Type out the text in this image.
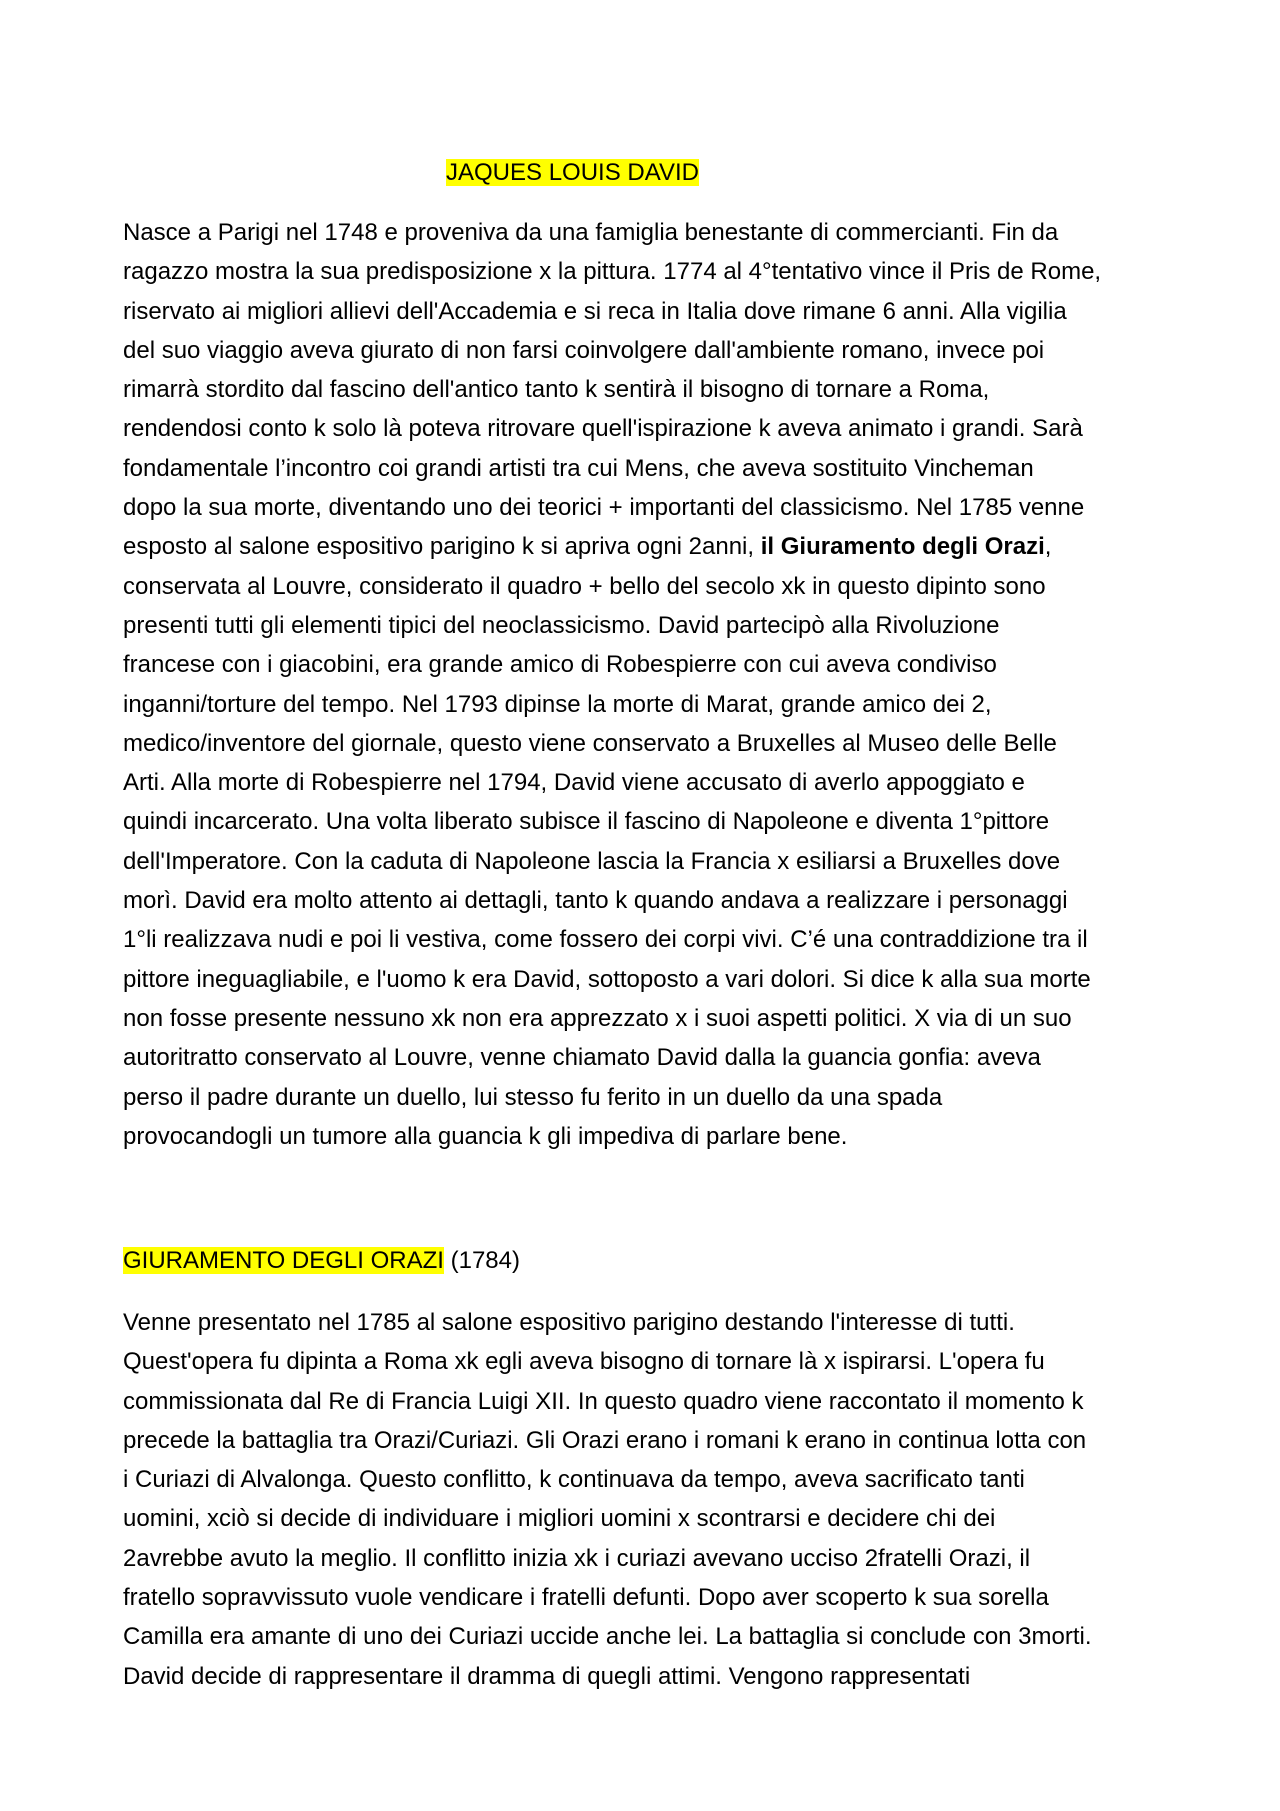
JAQUES LOUIS DAVID
Nasce a Parigi nel 1748 e proveniva da una famiglia benestante di commercianti. Fin da
ragazzo mostra la sua predisposizione x la pittura. 1774 al 4°tentativo vince il Pris de Rome,
riservato ai migliori allievi dell'Accademia e si reca in Italia dove rimane 6 anni. Alla vigilia
del suo viaggio aveva giurato di non farsi coinvolgere dall'ambiente romano, invece poi
rimarrà stordito dal fascino dell'antico tanto k sentirà il bisogno di tornare a Roma,
rendendosi conto k solo là poteva ritrovare quell'ispirazione k aveva animato i grandi. Sarà
fondamentale l’incontro coi grandi artisti tra cui Mens, che aveva sostituito Vincheman
dopo la sua morte, diventando uno dei teorici + importanti del classicismo. Nel 1785 venne
esposto al salone espositivo parigino k si apriva ogni 2anni, il Giuramento degli Orazi,
conservata al Louvre, considerato il quadro + bello del secolo xk in questo dipinto sono
presenti tutti gli elementi tipici del neoclassicismo. David partecipò alla Rivoluzione
francese con i giacobini, era grande amico di Robespierre con cui aveva condiviso
inganni/torture del tempo. Nel 1793 dipinse la morte di Marat, grande amico dei 2,
medico/inventore del giornale, questo viene conservato a Bruxelles al Museo delle Belle
Arti. Alla morte di Robespierre nel 1794, David viene accusato di averlo appoggiato e
quindi incarcerato. Una volta liberato subisce il fascino di Napoleone e diventa 1°pittore
dell'Imperatore. Con la caduta di Napoleone lascia la Francia x esiliarsi a Bruxelles dove
morì. David era molto attento ai dettagli, tanto k quando andava a realizzare i personaggi
1°li realizzava nudi e poi li vestiva, come fossero dei corpi vivi. C’é una contraddizione tra il
pittore ineguagliabile, e l'uomo k era David, sottoposto a vari dolori. Si dice k alla sua morte
non fosse presente nessuno xk non era apprezzato x i suoi aspetti politici. X via di un suo
autoritratto conservato al Louvre, venne chiamato David dalla la guancia gonfia: aveva
perso il padre durante un duello, lui stesso fu ferito in un duello da una spada
provocandogli un tumore alla guancia k gli impediva di parlare bene.
GIURAMENTO DEGLI ORAZI (1784)
Venne presentato nel 1785 al salone espositivo parigino destando l'interesse di tutti.
Quest'opera fu dipinta a Roma xk egli aveva bisogno di tornare là x ispirarsi. L'opera fu
commissionata dal Re di Francia Luigi XII. In questo quadro viene raccontato il momento k
precede la battaglia tra Orazi/Curiazi. Gli Orazi erano i romani k erano in continua lotta con
i Curiazi di Alvalonga. Questo conflitto, k continuava da tempo, aveva sacrificato tanti
uomini, xciò si decide di individuare i migliori uomini x scontrarsi e decidere chi dei
2avrebbe avuto la meglio. Il conflitto inizia xk i curiazi avevano ucciso 2fratelli Orazi, il
fratello sopravvissuto vuole vendicare i fratelli defunti. Dopo aver scoperto k sua sorella
Camilla era amante di uno dei Curiazi uccide anche lei. La battaglia si conclude con 3morti.
David decide di rappresentare il dramma di quegli attimi. Vengono rappresentati
